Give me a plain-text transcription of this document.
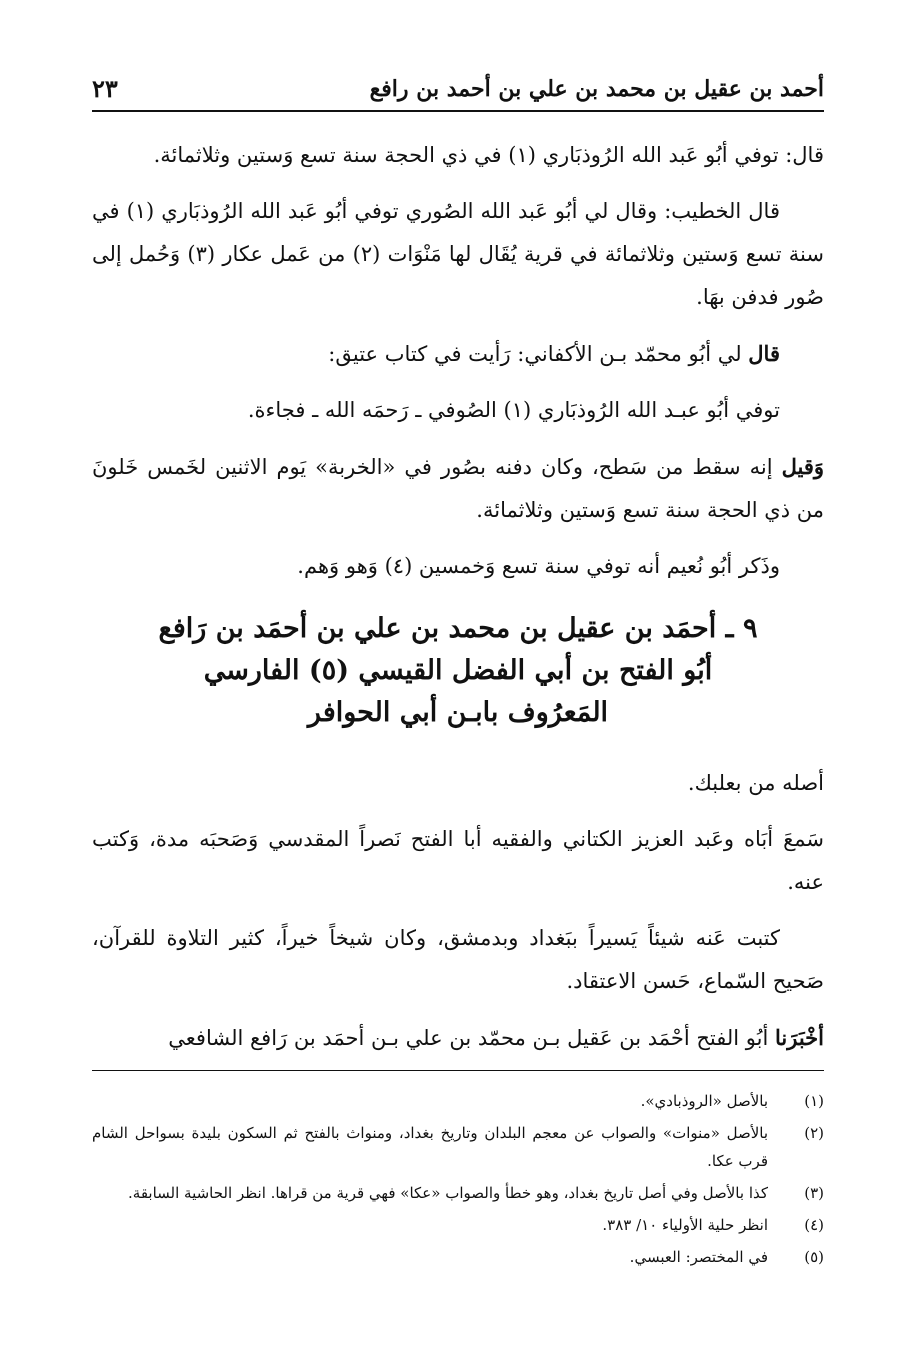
أحمد بن عقيل بن محمد بن علي بن أحمد بن رافع
٢٣

قال: توفي أبُو عَبد الله الرُوذبَاري (١) في ذي الحجة سنة تسع وَستين وثلاثمائة.

قال الخطيب: وقال لي أبُو عَبد الله الصُوري توفي أبُو عَبد الله الرُوذبَاري (١) في سنة تسع وَستين وثلاثمائة في قرية يُقَال لها مَنْوَات (٢) من عَمل عكار (٣) وَحُمل إلى صُور فدفن بهَا.

قال لي أبُو محمّد بـن الأكفاني: رَأيت في كتاب عتيق:

توفي أبُو عبـد الله الرُوذبَاري (١) الصُوفي ـ رَحمَه الله ـ فجاءة.

وَقيل إنه سقط من سَطح، وكان دفنه بصُور في «الخربة» يَوم الاثنين لخَمس خَلونَ من ذي الحجة سنة تسع وَستين وثلاثمائة.

وذَكر أبُو نُعيم أنه توفي سنة تسع وَخمسين (٤) وَهو وَهم.

٩ ـ أحمَد بن عقيل بن محمد بن علي بن أحمَد بن رَافع
أبُو الفتح بن أبي الفضل القيسي (٥) الفارسي
المَعرُوف بابـن أبي الحوافر

أصله من بعلبك.

سَمعَ أبَاه وعَبد العزيز الكتاني والفقيه أبا الفتح نَصراً المقدسي وَصَحبَه مدة، وَكتب عنه.

كتبت عَنه شيئاً يَسيراً ببَغداد وبدمشق، وكان شيخاً خيراً، كثير التلاوة للقرآن، صَحيح السّماع، حَسن الاعتقاد.

أخْبَرَنا أبُو الفتح أحْمَد بن عَقيل بـن محمّد بن علي بـن أحمَد بن رَافع الشافعي

(١)
بالأصل «الروذبادي».
(٢)
بالأصل «منوات» والصواب عن معجم البلدان وتاريخ بغداد، ومنواث بالفتح ثم السكون بليدة بسواحل الشام قرب عكا.
(٣)
كذا بالأصل وفي أصل تاريخ بغداد، وهو خطأ والصواب «عكا» فهي قرية من قراها. انظر الحاشية السابقة.
(٤)
انظر حلية الأولياء ١٠/ ٣٨٣.
(٥)
في المختصر: العبسي.
